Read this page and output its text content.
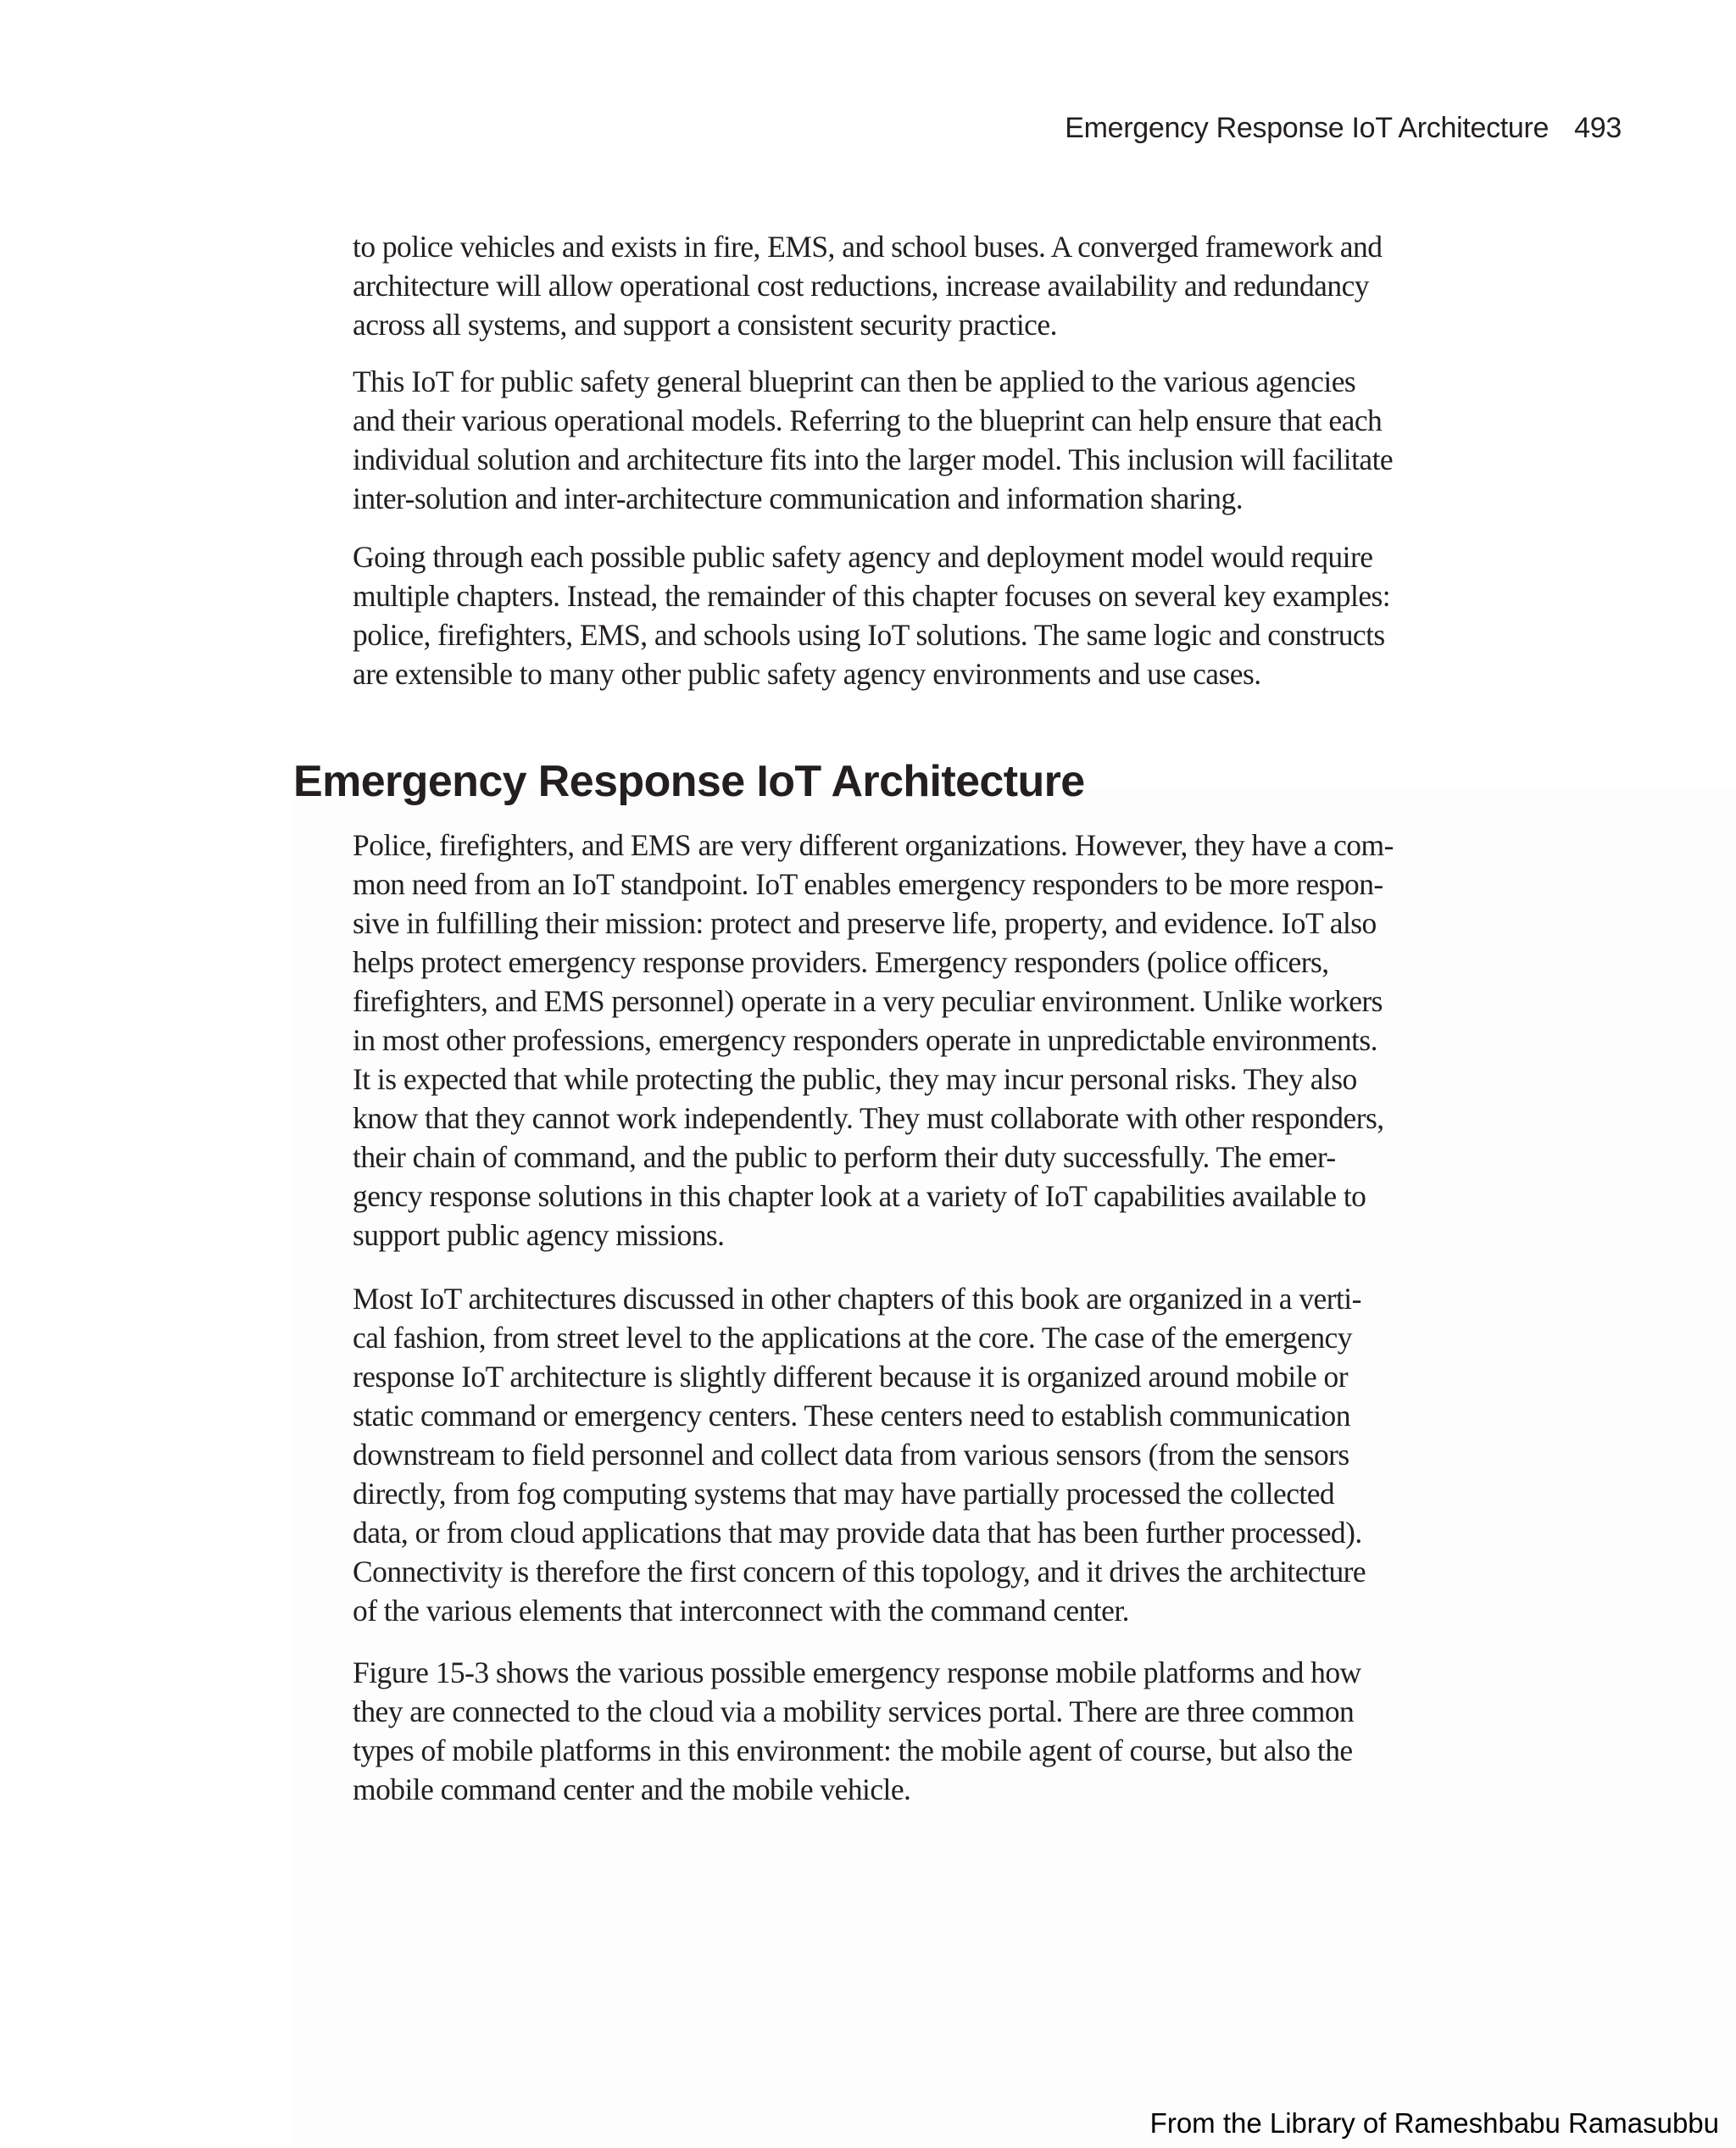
Emergency Response IoT Architecture 493

to police vehicles and exists in fire, EMS, and school buses. A converged framework and
architecture will allow operational cost reductions, increase availability and redundancy
across all systems, and support a consistent security practice.

This IoT for public safety general blueprint can then be applied to the various agencies
and their various operational models. Referring to the blueprint can help ensure that each
individual solution and architecture fits into the larger model. This inclusion will facilitate
inter-solution and inter-architecture communication and information sharing.

Going through each possible public safety agency and deployment model would require
multiple chapters. Instead, the remainder of this chapter focuses on several key examples:
police, firefighters, EMS, and schools using IoT solutions. The same logic and constructs
are extensible to many other public safety agency environments and use cases.

Emergency Response IoT Architecture

Police, firefighters, and EMS are very different organizations. However, they have a com-
mon need from an IoT standpoint. IoT enables emergency responders to be more respon-
sive in fulfilling their mission: protect and preserve life, property, and evidence. IoT also
helps protect emergency response providers. Emergency responders (police officers,
firefighters, and EMS personnel) operate in a very peculiar environment. Unlike workers
in most other professions, emergency responders operate in unpredictable environments.
It is expected that while protecting the public, they may incur personal risks. They also
know that they cannot work independently. They must collaborate with other responders,
their chain of command, and the public to perform their duty successfully. The emer-
gency response solutions in this chapter look at a variety of IoT capabilities available to
support public agency missions.

Most IoT architectures discussed in other chapters of this book are organized in a verti-
cal fashion, from street level to the applications at the core. The case of the emergency
response IoT architecture is slightly different because it is organized around mobile or
static command or emergency centers. These centers need to establish communication
downstream to field personnel and collect data from various sensors (from the sensors
directly, from fog computing systems that may have partially processed the collected
data, or from cloud applications that may provide data that has been further processed).
Connectivity is therefore the first concern of this topology, and it drives the architecture
of the various elements that interconnect with the command center.

Figure 15-3 shows the various possible emergency response mobile platforms and how
they are connected to the cloud via a mobility services portal. There are three common
types of mobile platforms in this environment: the mobile agent of course, but also the
mobile command center and the mobile vehicle.

From the Library of Rameshbabu Ramasubbu
